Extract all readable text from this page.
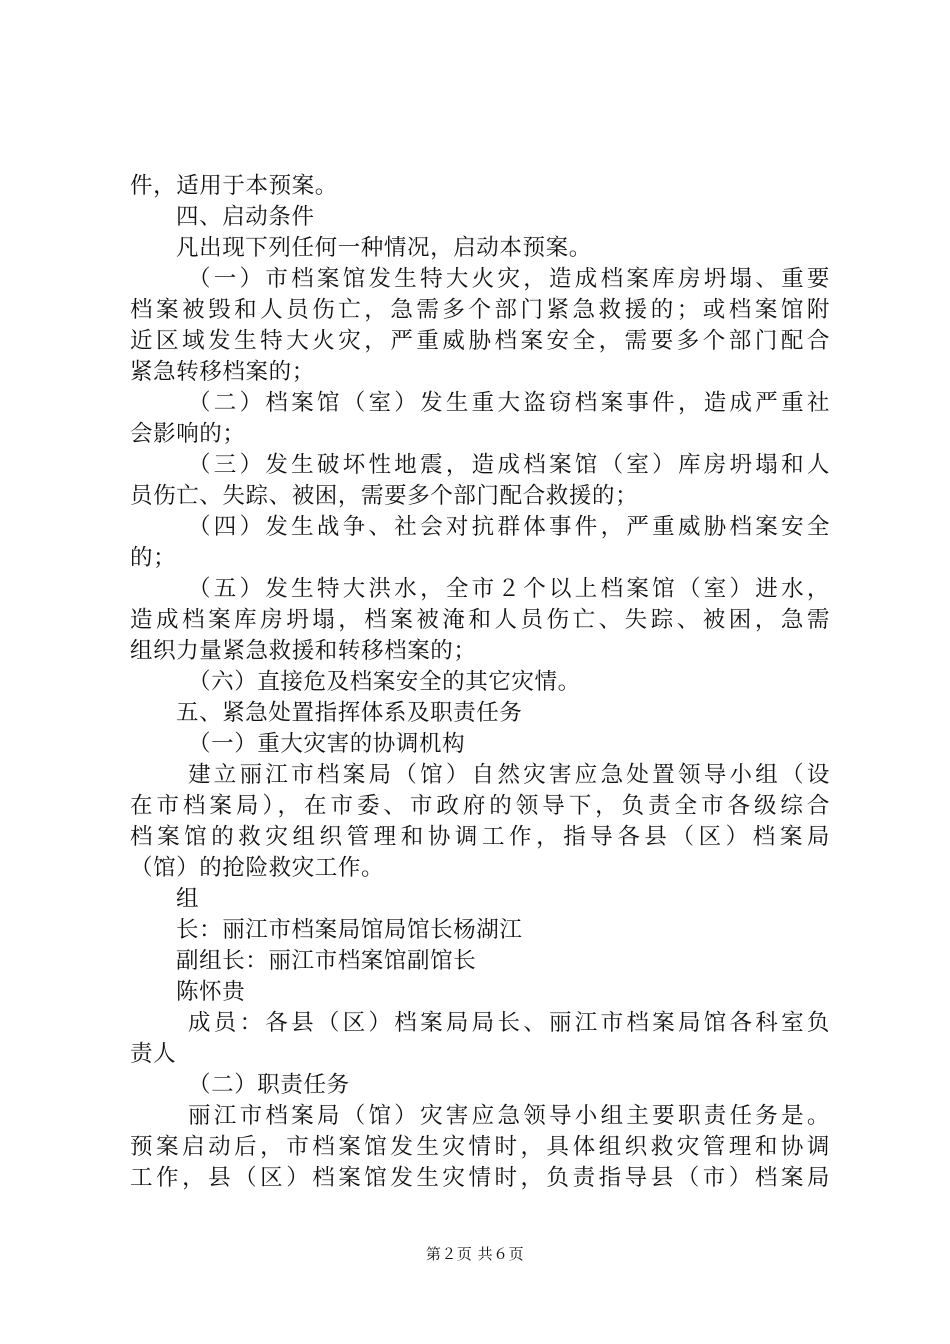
件，适用于本预案。
四、启动条件
凡出现下列任何一种情况，启动本预案。
（一）市档案馆发生特大火灾，造成档案库房坍塌、重要
档案被毁和人员伤亡，急需多个部门紧急救援的；或档案馆附
近区域发生特大火灾，严重威胁档案安全，需要多个部门配合
紧急转移档案的；
（二）档案馆（室）发生重大盗窃档案事件，造成严重社
会影响的；
（三）发生破坏性地震，造成档案馆（室）库房坍塌和人
员伤亡、失踪、被困，需要多个部门配合救援的；
（四）发生战争、社会对抗群体事件，严重威胁档案安全
的；
（五）发生特大洪水，全市２个以上档案馆（室）进水，
造成档案库房坍塌，档案被淹和人员伤亡、失踪、被困，急需
组织力量紧急救援和转移档案的；
（六）直接危及档案安全的其它灾情。
五、紧急处置指挥体系及职责任务
（一）重大灾害的协调机构
建立丽江市档案局（馆）自然灾害应急处置领导小组（设
在市档案局），在市委、市政府的领导下，负责全市各级综合
档案馆的救灾组织管理和协调工作，指导各县（区）档案局
（馆）的抢险救灾工作。
组
长：丽江市档案局馆局馆长杨湖江
副组长：丽江市档案馆副馆长
陈怀贵
成员：各县（区）档案局局长、丽江市档案局馆各科室负
责人
（二）职责任务
丽江市档案局（馆）灾害应急领导小组主要职责任务是。
预案启动后，市档案馆发生灾情时，具体组织救灾管理和协调
工作，县（区）档案馆发生灾情时，负责指导县（市）档案局
第２页 共６页
